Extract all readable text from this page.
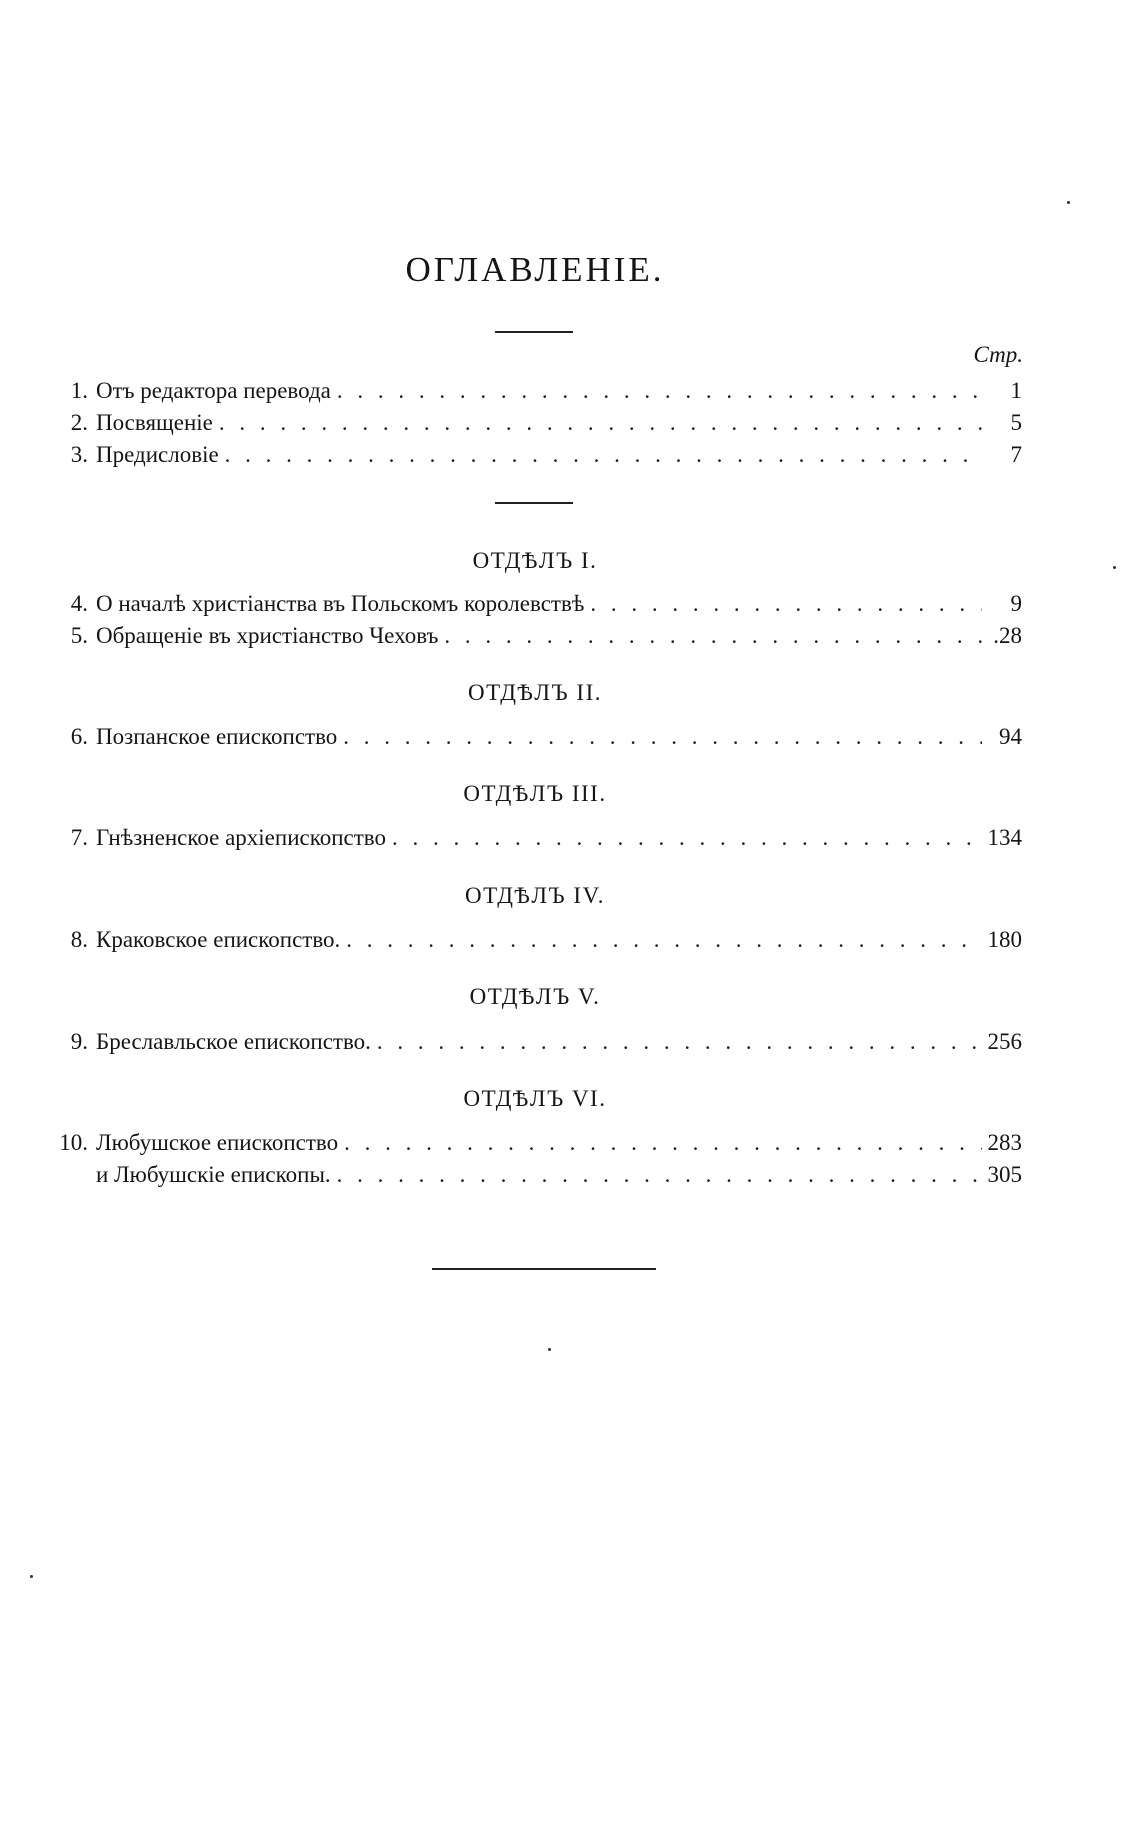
ОГЛАВЛЕНIЕ.
Стр.
1. Отъ редактора перевода . . .	1
2. Посвященiе . . .	5
3. Предисловiе . . .	7
ОТДѢЛЪ I.
4. О началѣ христiанства въ Польскомъ королевствѣ . . .	9
5. Обращенiе въ христiанство Чеховъ . . .	.28
ОТДѢЛЪ II.
6. Позпанское епископство . . .	94
ОТДѢЛЪ III.
7. Гнѣзненское архiепископство . . .	134
ОТДѢЛЪ IV.
8. Краковское епископство. . . .	180
ОТДѢЛЪ V.
9. Бреславльское епископство. . . .	256
ОТДѢЛЪ VI.
10. Любушское епископство . . .	283
и Любушскiе епископы. . . .	305
